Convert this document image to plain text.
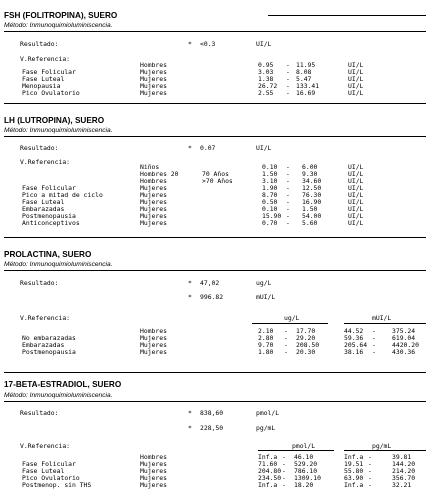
FSH (FOLITROPINA), SUERO
Método: Inmunoquimioluminiscencia.

Resultado:

	*

<0.3

	UI/L

V.Referencia:

Hombres	0.95 - 11.95	UI/L
Fase Folicular	Mujeres	3.03 - 8.08	UI/L
Fase Luteal	Mujeres	1.38 - 5.47	UI/L
Menopausia	Mujeres	26.72 - 133.41	UI/L
Pico Ovulatorio	Mujeres	2.55 - 16.69	UI/L
LH (LUTROPINA), SUERO
Método: Inmunoquimioluminiscencia.

Resultado:

	*

0.07

	UI/L

V.Referencia:

Niños	0.10 - 6.00	UI/L
Hombres 20	70 Años	1.50 - 9.30	UI/L
Hombres	>70 Años	3.10 - 34.60	UI/L
Fase Folicular	Mujeres	1.90 - 12.50	UI/L
Pico a mitad de ciclo	Mujeres	8.70 - 76.30	UI/L
Fase Luteal	Mujeres	0.50 - 16.90	UI/L
Embarazadas	Mujeres	0.10 - 1.50	UI/L
Postmenopausia	Mujeres	15.90 - 54.00	UI/L
Anticonceptivos	Mujeres	0.70 - 5.60	UI/L
PROLACTINA, SUERO
Método: Inmunoquimioluminiscencia.

Resultado:

	*

47,02

	ug/L

*

996.82

	mUI/L

V.Referencia:

	ug/L

	mUI/L

Hombres	2.10 - 17.70	44.52 -	375.24
No embarazadas	Mujeres	2.80 - 29.20	59.36 -	619.04
Embarazadas	Mujeres	9.70 - 208.50	205.64 -	4420.20
Postmenopausia	Mujeres	1.80 - 20.30	38.16 -	430.36
17-BETA-ESTRADIOL, SUERO
Método: Inmunoquimioluminiscencia.

Resultado:

	*

838,60

	pmol/L

*

228,50

	pg/mL

V.Referencia:

	pmol/L

	pg/mL

Hombres	Inf.a - 46.10	Inf.a -	39.81
Fase Folicular	Mujeres	71.60 - 529.20	19.51 -	144.20
Fase Luteal	Mujeres	204.80 - 786.10	55.80 -	214.20
Pico Ovulatorio	Mujeres	234.50 - 1309.10	63.90 -	356.70
Postmenop. sin THS	Mujeres	Inf.a - 18.20	Inf.a -	32.21
